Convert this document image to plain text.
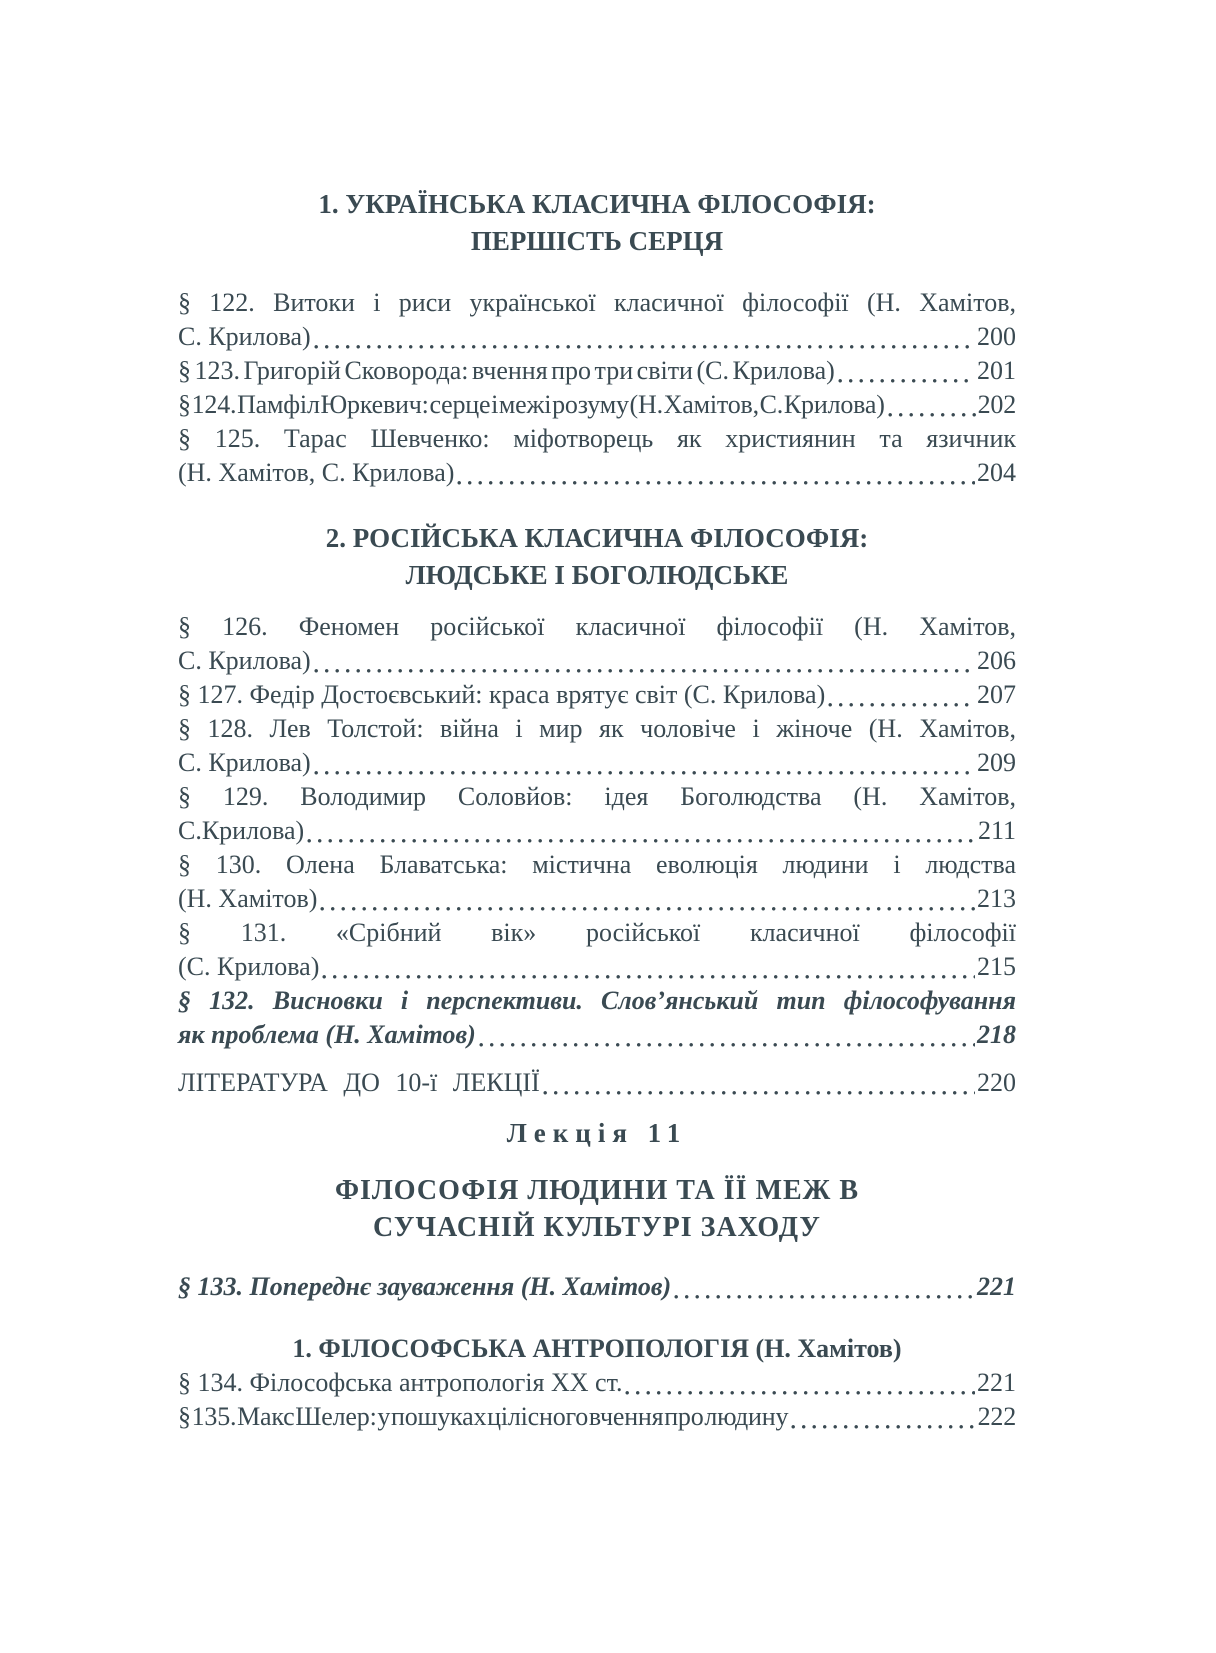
1. УКРАЇНСЬКА КЛАСИЧНА ФІЛОСОФІЯ:
ПЕРШІСТЬ СЕРЦЯ
§ 122. Витоки і риси української класичної філософії (Н. Хамітов,
С. Крилова)	200
§ 123. Григорій Сковорода: вчення про три світи (С. Крилова)	201
§ 124. Памфіл Юркевич: серце і межі розуму (Н. Хамітов, С. Крилова)	202
§ 125. Тарас Шевченко: міфотворець як християнин та язичник
(Н. Хамітов, С. Крилова)	204
2. РОСІЙСЬКА КЛАСИЧНА ФІЛОСОФІЯ:
ЛЮДСЬКЕ І БОГОЛЮДСЬКЕ
§ 126. Феномен російської класичної філософії (Н. Хамітов,
С. Крилова)	206
§ 127. Федір Достоєвський: краса врятує світ (С. Крилова)	207
§ 128. Лев Толстой: війна і мир як чоловіче і жіноче (Н. Хамітов,
С. Крилова)	209
§ 129. Володимир Соловйов: ідея Боголюдства (Н. Хамітов,
С.Крилова)	211
§ 130. Олена Блаватська: містична еволюція людини і людства
(Н. Хамітов)	213
§ 131. «Срібний вік» російської класичної філософії
(С. Крилова)	215
§ 132. Висновки і перспективи. Слов’янський тип філософування
як проблема (Н. Хамітов)	218
ЛІТЕРАТУРА ДО 10-ї ЛЕКЦІЇ	220
Лекція 11
ФІЛОСОФІЯ ЛЮДИНИ ТА ЇЇ МЕЖ В
СУЧАСНІЙ КУЛЬТУРІ ЗАХОДУ
§ 133. Попереднє зауваження (Н. Хамітов)	221
1. ФІЛОСОФСЬКА АНТРОПОЛОГІЯ (Н. Хамітов)
§ 134. Філософська антропологія ХХ ст.	221
§ 135. Макс Шелер: у пошуках цілісного вчення про людину	222
